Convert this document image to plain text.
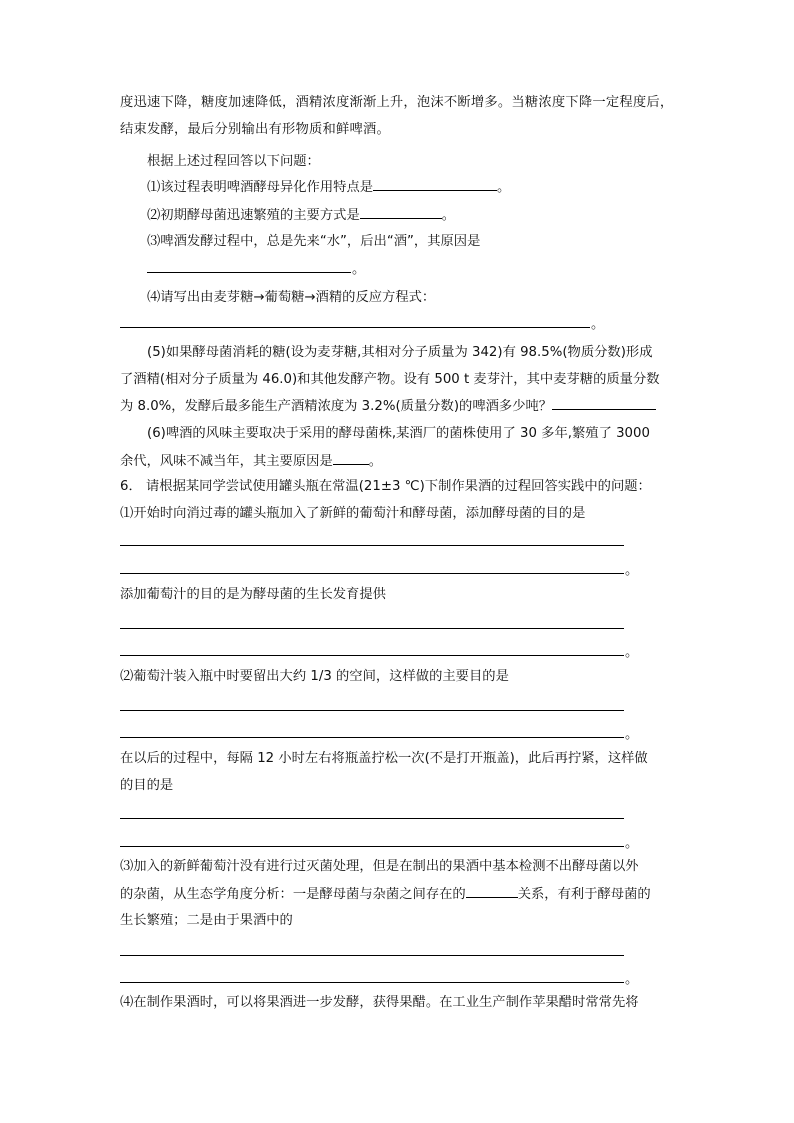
度迅速下降，糖度加速降低，酒精浓度渐渐上升，泡沫不断增多。当糖浓度下降一定程度后，
结束发酵，最后分别输出有形物质和鲜啤酒。
根据上述过程回答以下问题：
⑴该过程表明啤酒酵母异化作用特点是	。
⑵初期酵母菌迅速繁殖的主要方式是	。
⑶啤酒发酵过程中，总是先来“水”，后出“酒”，其原因是
。
⑷请写出由麦芽糖→葡萄糖→酒精的反应方程式：
。
(5)如果酵母菌消耗的糖(设为麦芽糖,其相对分子质量为 342)有 98.5%(物质分数)形成
了酒精(相对分子质量为 46.0)和其他发酵产物。设有 500 t 麦芽汁，其中麦芽糖的质量分数
为 8.0%，发酵后最多能生产酒精浓度为 3.2%(质量分数)的啤酒多少吨？
(6)啤酒的风味主要取决于采用的酵母菌株,某酒厂的菌株使用了 30 多年,繁殖了 3000
余代，风味不减当年，其主要原因是	。
6． 请根据某同学尝试使用罐头瓶在常温(21±3 ℃)下制作果酒的过程回答实践中的问题：
⑴开始时向消过毒的罐头瓶加入了新鲜的葡萄汁和酵母菌，添加酵母菌的目的是
。
添加葡萄汁的目的是为酵母菌的生长发育提供
。
⑵葡萄汁装入瓶中时要留出大约 1/3 的空间，这样做的主要目的是
。
在以后的过程中，每隔 12 小时左右将瓶盖拧松一次(不是打开瓶盖)，此后再拧紧，这样做
的目的是
。
⑶加入的新鲜葡萄汁没有进行过灭菌处理，但是在制出的果酒中基本检测不出酵母菌以外
的杂菌，从生态学角度分析：一是酵母菌与杂菌之间存在的	关系，有利于酵母菌的
生长繁殖；二是由于果酒中的
。
⑷在制作果酒时，可以将果酒进一步发酵，获得果醋。在工业生产制作苹果醋时常常先将
